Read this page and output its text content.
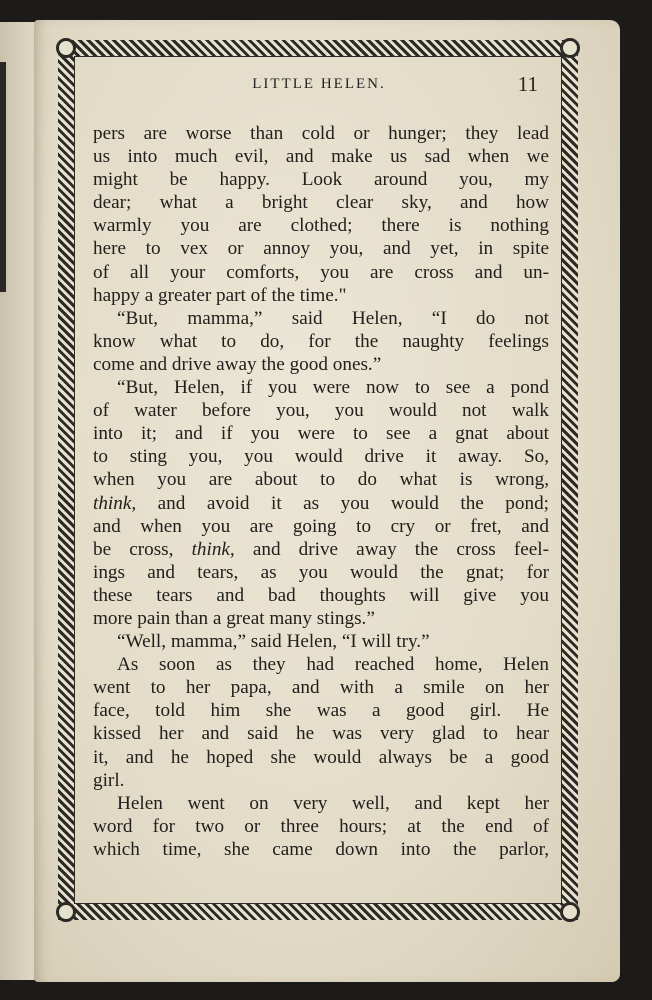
LITTLE HELEN.	11
pers are worse than cold or hunger; they lead
us into much evil, and make us sad when we
might be happy. Look around you, my
dear; what a bright clear sky, and how
warmly you are clothed; there is nothing
here to vex or annoy you, and yet, in spite
of all your comforts, you are cross and un-
happy a greater part of the time."
“But, mamma,” said Helen, “I do not
know what to do, for the naughty feelings
come and drive away the good ones.”
“But, Helen, if you were now to see a pond
of water before you, you would not walk
into it; and if you were to see a gnat about
to sting you, you would drive it away. So,
when you are about to do what is wrong,
think, and avoid it as you would the pond;
and when you are going to cry or fret, and
be cross, think, and drive away the cross feel-
ings and tears, as you would the gnat; for
these tears and bad thoughts will give you
more pain than a great many stings.”
“Well, mamma,” said Helen, “I will try.”
As soon as they had reached home, Helen
went to her papa, and with a smile on her
face, told him she was a good girl. He
kissed her and said he was very glad to hear
it, and he hoped she would always be a good
girl.
Helen went on very well, and kept her
word for two or three hours; at the end of
which time, she came down into the parlor,
